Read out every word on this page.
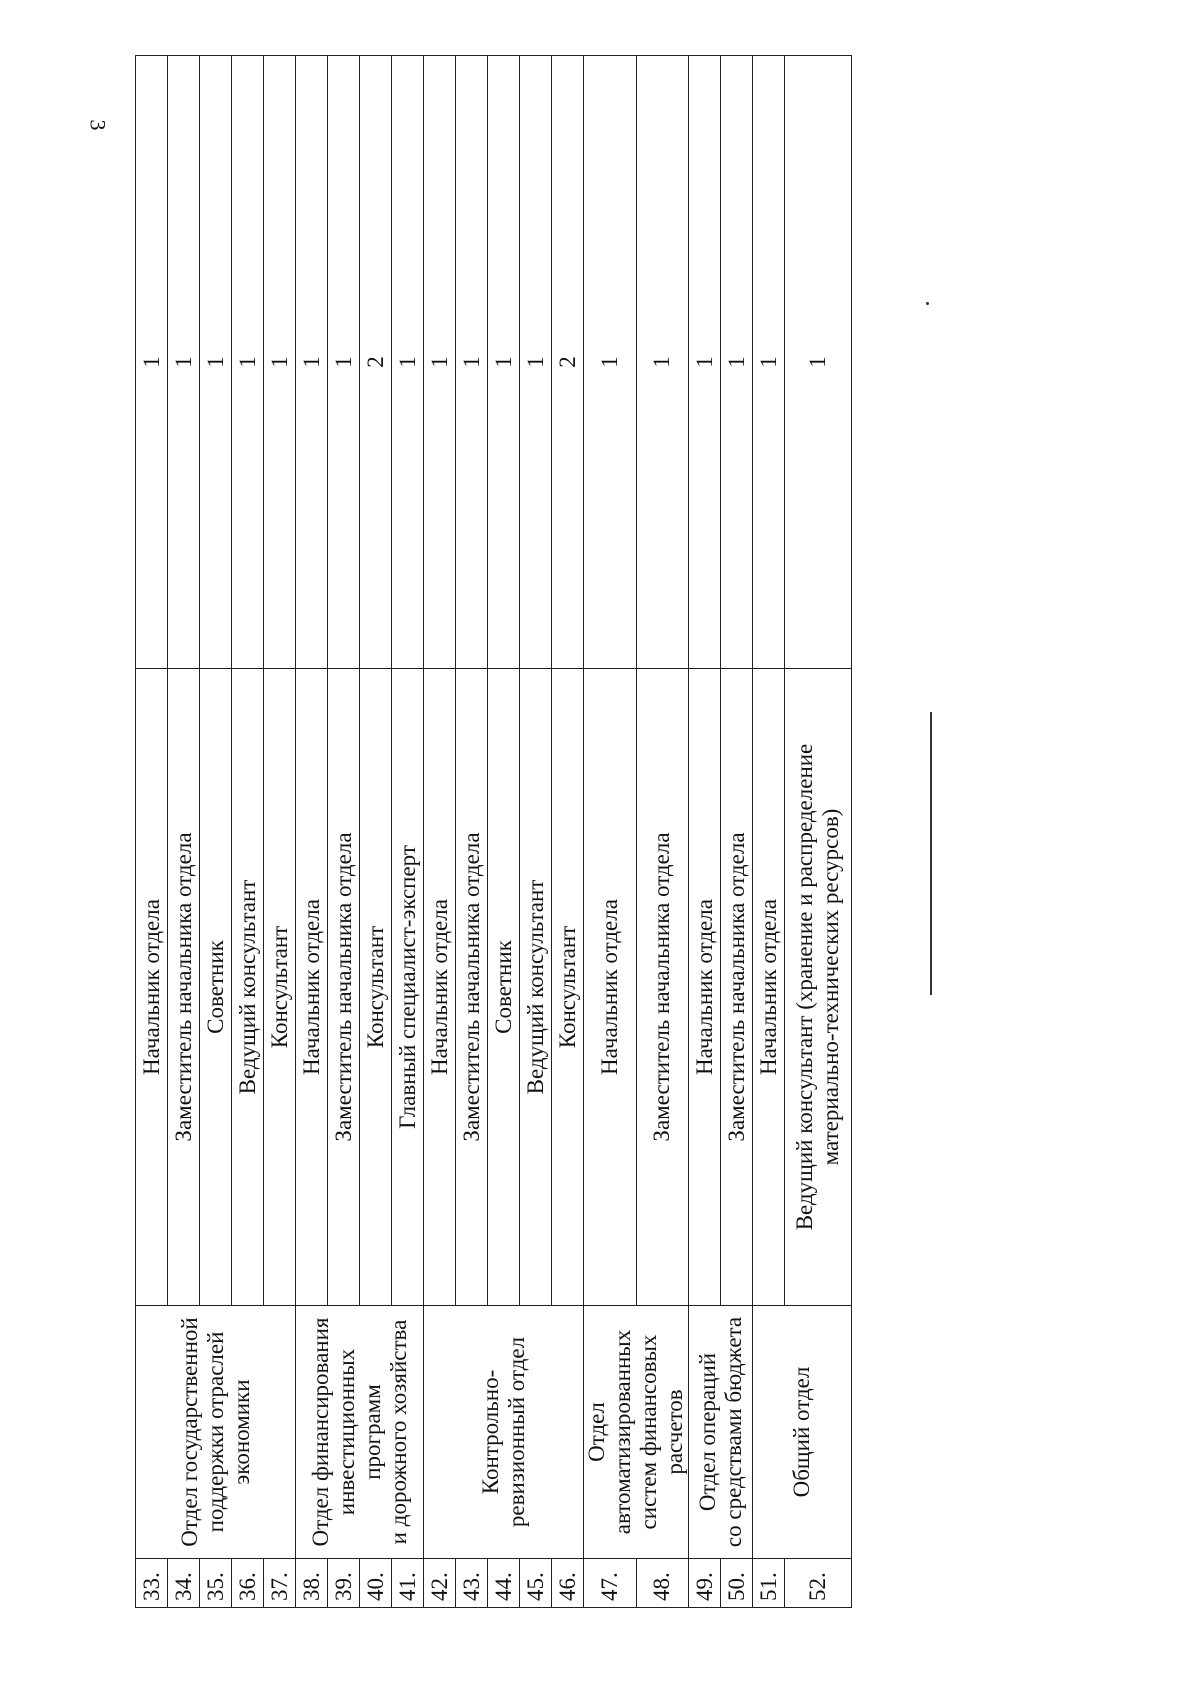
3
33.	Отдел государственной
поддержки отраслей экономики	Начальник отдела	1
34.		Заместитель начальника отдела	1
35.		Советник	1
36.		Ведущий консультант	1
37.		Консультант	1
38.	Отдел финансирования
инвестиционных программ
и дорожного хозяйства	Начальник отдела	1
39.		Заместитель начальника отдела	1
40.		Консультант	2
41.		Главный специалист-эксперт	1
42.	Контрольно-ревизионный отдел	Начальник отдела	1
43.		Заместитель начальника отдела	1
44.		Советник	1
45.		Ведущий консультант	1
46.		Консультант	2
47.	Отдел автоматизированных
систем финансовых расчетов	Начальник отдела	1
48.		Заместитель начальника отдела	1
49.	Отдел операций
со средствами бюджета	Начальник отдела	1
50.		Заместитель начальника отдела	1
51.	Общий отдел	Начальник отдела	1
52.		Ведущий консультант (хранение и распределение
материально-технических ресурсов)	1
